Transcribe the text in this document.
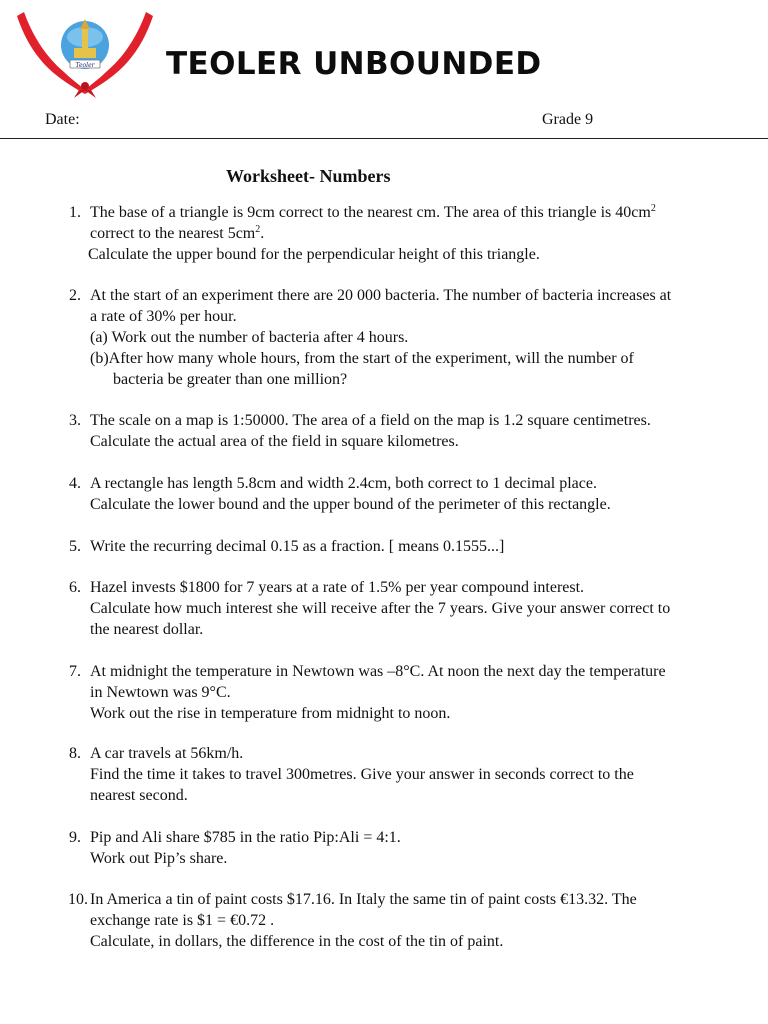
Teoler TEOLER UNBOUNDED
Date:	Grade 9
Worksheet- Numbers
1. The base of a triangle is 9cm correct to the nearest cm. The area of this triangle is $40cm^2$
correct to the nearest $5cm^2$.
Calculate the upper bound for the perpendicular height of this triangle.
2. At the start of an experiment there are 20 000 bacteria. The number of bacteria increases at
a rate of 30% per hour.
(a) Work out the number of bacteria after 4 hours.
(b)After how many whole hours, from the start of the experiment, will the number of
bacteria be greater than one million?
3. The scale on a map is 1:50000. The area of a field on the map is 1.2 square centimetres.
Calculate the actual area of the field in square kilometres.
4. A rectangle has length 5.8cm and width 2.4cm, both correct to 1 decimal place.
Calculate the lower bound and the upper bound of the perimeter of this rectangle.
5. Write the recurring decimal 0.15 as a fraction. [ means 0.1555...]
6. Hazel invests $1800 for 7 years at a rate of 1.5% per year compound interest.
Calculate how much interest she will receive after the 7 years. Give your answer correct to
the nearest dollar.
7. At midnight the temperature in Newtown was –8°C. At noon the next day the temperature
in Newtown was 9°C.
Work out the rise in temperature from midnight to noon.
8. A car travels at 56km/h.
Find the time it takes to travel 300metres. Give your answer in seconds correct to the
nearest second.
9. Pip and Ali share $785 in the ratio Pip:Ali = 4:1.
Work out Pip’s share.
10. In America a tin of paint costs $17.16. In Italy the same tin of paint costs €13.32. The
exchange rate is $1 = €0.72 .
Calculate, in dollars, the difference in the cost of the tin of paint.
